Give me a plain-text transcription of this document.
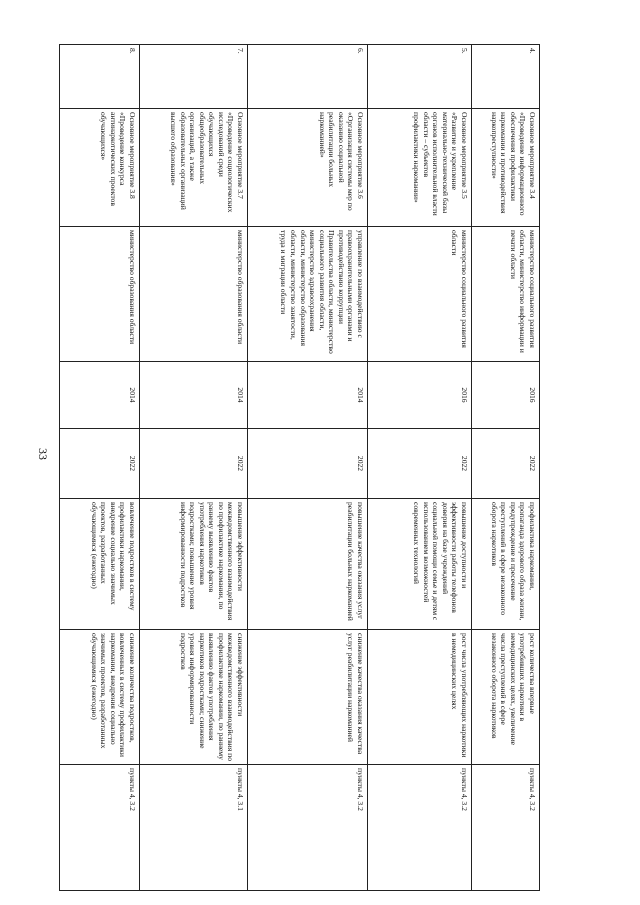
33
4.	Основное мероприятие 3.4 «Проведение информационного обеспечения профилактики наркомании и противодействия наркопреступности»	министерство социального развития области, министерство информации и печати области	2016	2022	профилактика наркомании, пропаганда здорового образа жизни, предупреждение и пресечение преступлений в сфере незаконного оборота наркотиков	рост количества впервые употребивших наркотики в немедицинских целях, увеличение числа преступлений в сфере незаконного оборота наркотиков	пункты 4, 3.2
5.	Основное мероприятие 3.5 «Развитие и укрепление материально-технической базы органов исполнительной власти области – субъектов профилактики наркомании»	министерство социального развития области	2016	2022	повышение доступности и эффективности работы телефонов доверия на базе учреждений социальной помощи семье и детям с использованием возможностей современных технологий	рост числа употребляющих наркотики в немедицинских целях	пункты 4, 3.2
6.	Основное мероприятие 3.6 «Организация системы мер по оказанию социальной реабилитации больных наркоманией»	управление по взаимодействию с правоохранительными органами и противодействию коррупции Правительства области, министерство социального развития области, министерство здравоохранения области, министерство образования области, министерство занятости, труда и миграции области	2014	2022	повышение качества оказания услуг реабилитации больных наркоманией	снижение качества оказания качества услуг реабилитации наркоманией	пункты 4, 3.2
7.	Основное мероприятие 3.7 «Проведение социологических исследований среди обучающихся общеобразовательных организаций, а также образовательных организаций высшего образования»	министерство образования области	2014	2022	повышение эффективности межведомственного взаимодействия по профилактике наркомании, по раннему выявлению фактов употребления наркотиков подростками; повышение уровня информированности подростков	снижение эффективности межведомственного взаимодействия по профилактике наркомании, по раннему выявлению фактов употребления наркотиков подростками; снижение уровня информированности подростков	пункты 4, 3.1
8.	Основное мероприятие 3.8 «Проведение конкурса антинаркотических проектов обучающихся»	министерство образования области	2014	2022	вовлечение подростков в систему профилактики наркомании, внедрение социально значимых проектов, разработанных обучающимися (ежегодно)	снижение количества подростков, вовлеченных в систему профилактики наркомании, внедрения социально значимых проектов, разработанных обучающимися (ежегодно)	пункты 4, 3.2
